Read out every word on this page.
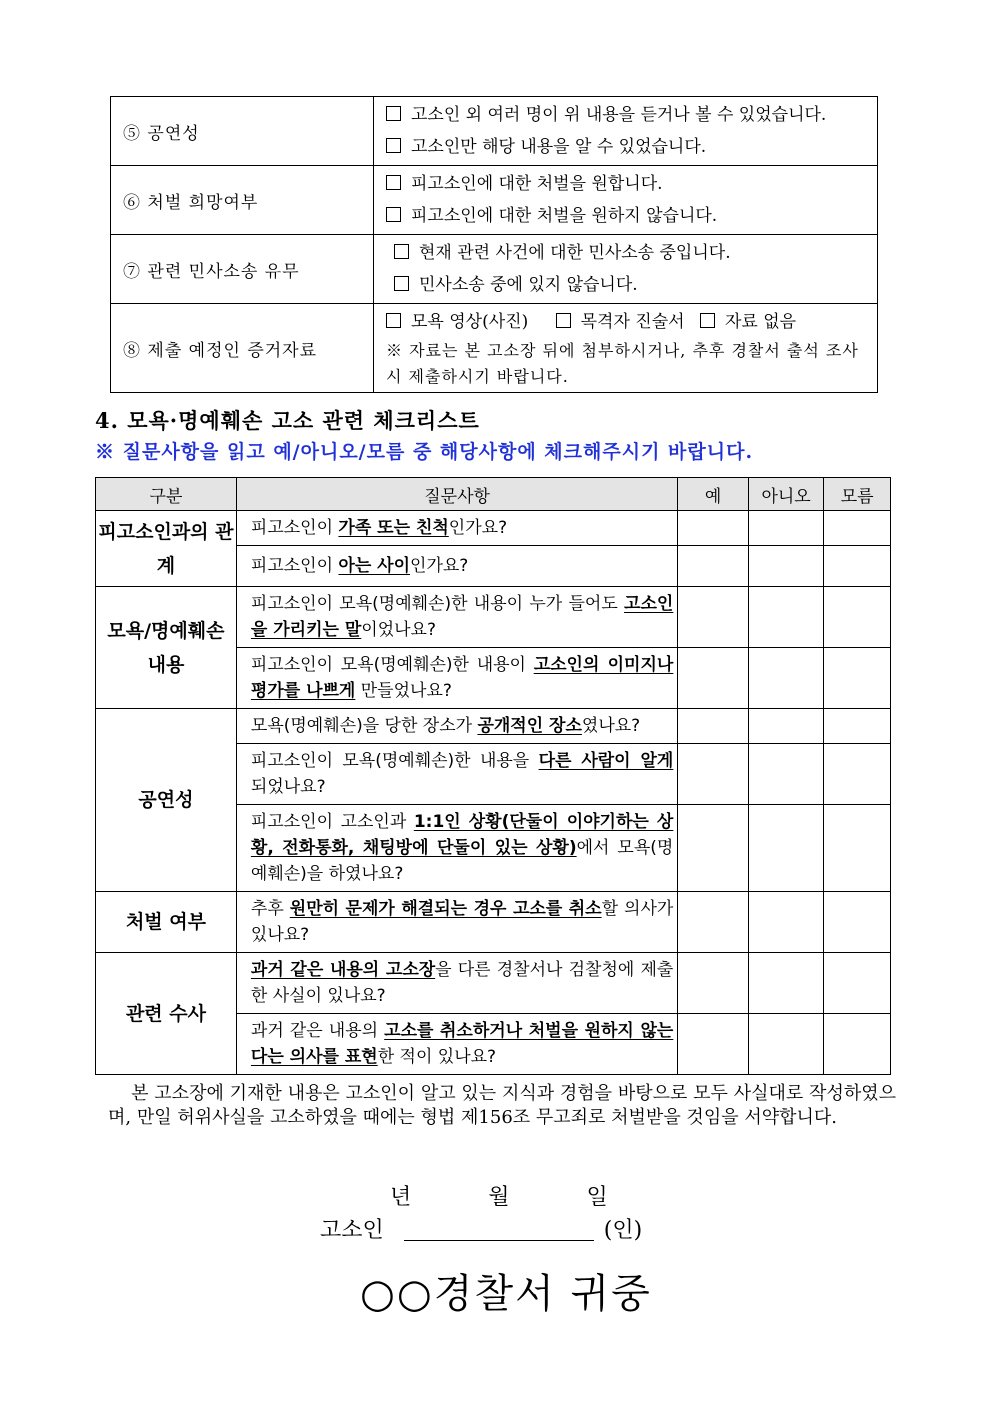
⑤ 공연성	고소인 외 여러 명이 위 내용을 듣거나 볼 수 있었습니다.
고소인만 해당 내용을 알 수 있었습니다.

⑥ 처벌 희망여부	피고소인에 대한 처벌을 원합니다.
피고소인에 대한 처벌을 원하지 않습니다.

⑦ 관련 민사소송 유무	현재 관련 사건에 대한 민사소송 중입니다.
민사소송 중에 있지 않습니다.

⑧ 제출 예정인 증거자료	모욕 영상(사진) 목격자 진술서 자료 없음
※ 자료는 본 고소장 뒤에 첨부하시거나, 추후 경찰서 출석 조사시 제출하시기 바랍니다.
4. 모욕·명예훼손 고소 관련 체크리스트
※ 질문사항을 읽고 예/아니오/모름 중 해당사항에 체크해주시기 바랍니다.
구분	질문사항	예	아니오	모름
피고소인과의 관계	피고소인이 가족 또는 친척인가요?			
	피고소인이 아는 사이인가요?			
모욕/명예훼손 내용	피고소인이 모욕(명예훼손)한 내용이 누가 들어도 고소인을 가리키는 말이었나요?			
	피고소인이 모욕(명예훼손)한 내용이 고소인의 이미지나 평가를 나쁘게 만들었나요?			
공연성	모욕(명예훼손)을 당한 장소가 공개적인 장소였나요?			
	피고소인이 모욕(명예훼손)한 내용을 다른 사람이 알게 되었나요?			
	피고소인이 고소인과 1:1인 상황(단둘이 이야기하는 상황, 전화통화, 채팅방에 단둘이 있는 상황)에서 모욕(명예훼손)을 하였나요?			
처벌 여부	추후 원만히 문제가 해결되는 경우 고소를 취소할 의사가 있나요?			
관련 수사	과거 같은 내용의 고소장을 다른 경찰서나 검찰청에 제출한 사실이 있나요?			
	과거 같은 내용의 고소를 취소하거나 처벌을 원하지 않는 다는 의사를 표현한 적이 있나요?			
본 고소장에 기재한 내용은 고소인이 알고 있는 지식과 경험을 바탕으로 모두 사실대로 작성하였으며, 만일 허위사실을 고소하였을 때에는 형법 제156조 무고죄로 처벌받을 것임을 서약합니다.
년	월	일
고소인	(인)
○○경찰서 귀중
